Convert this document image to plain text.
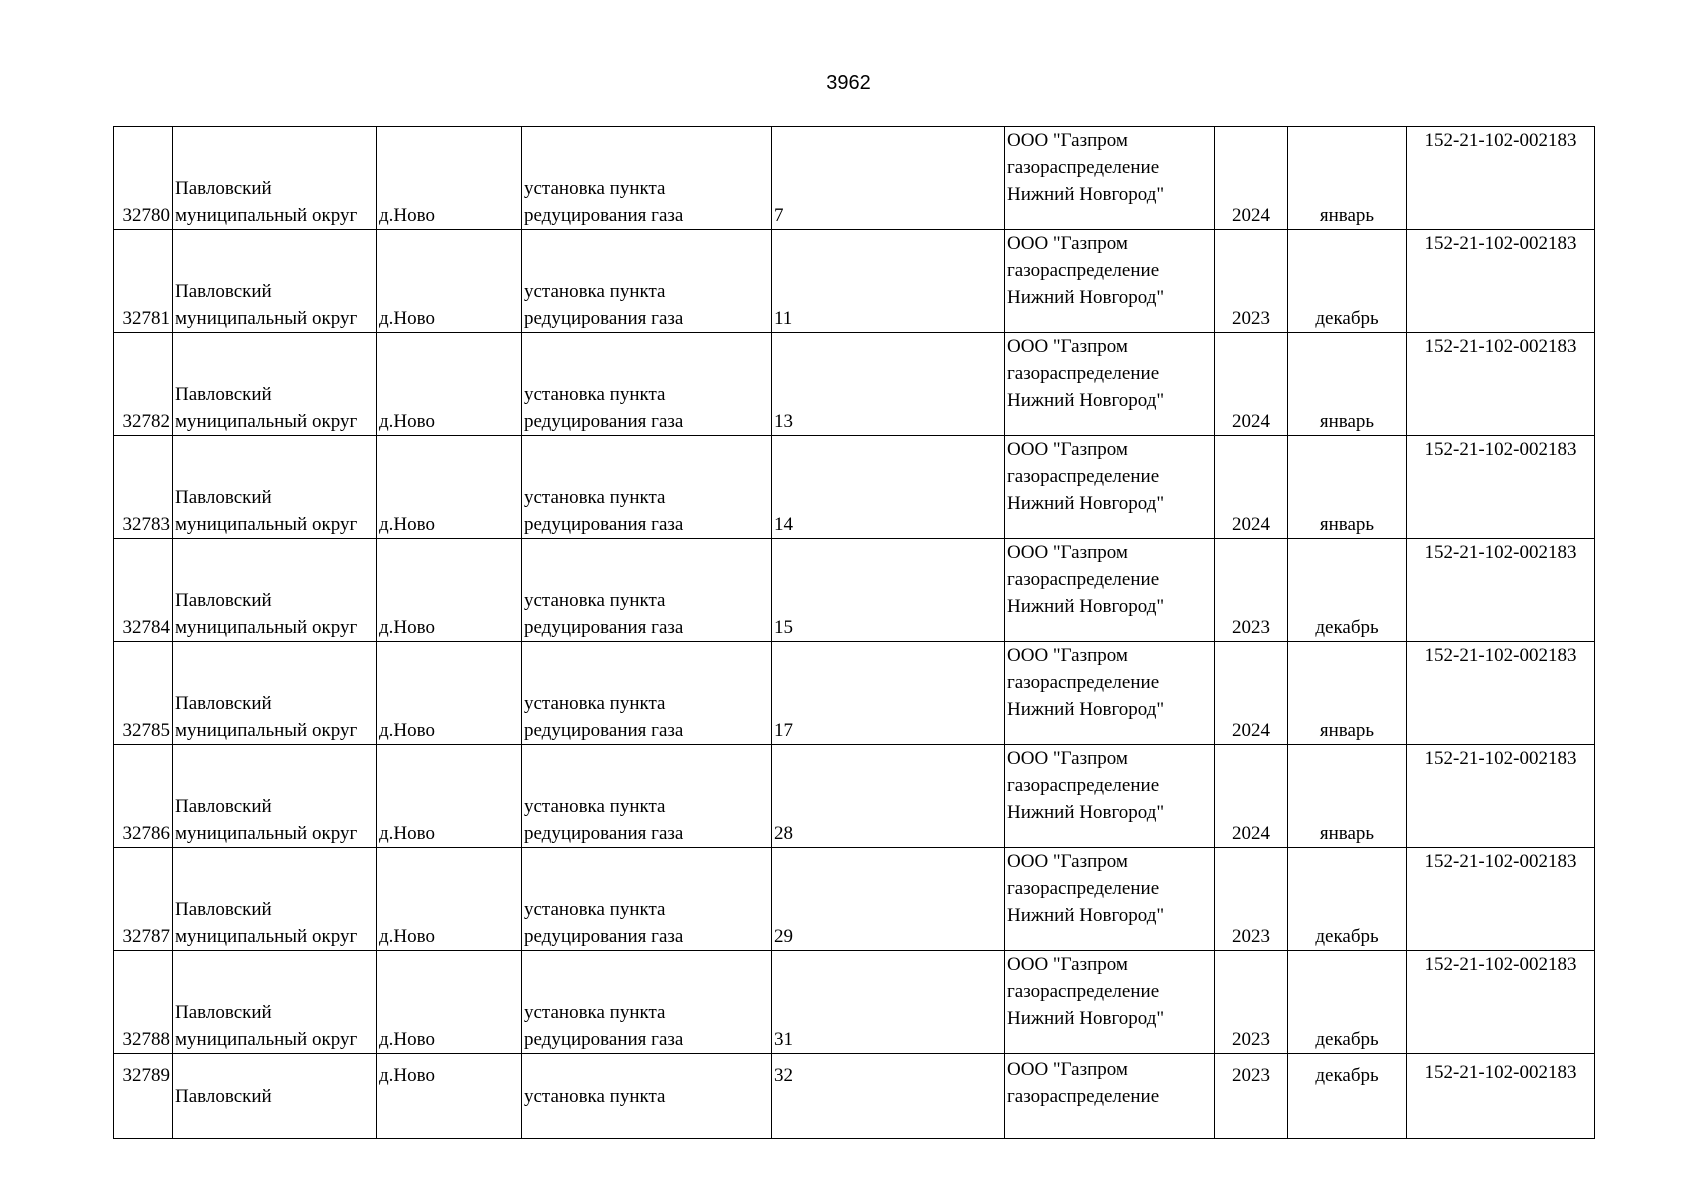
3962
32780	Павловский
муниципальный округ	д.Ново	установка пункта
редуцирования газа	7	ООО "Газпром
газораспределение
Нижний Новгород"	2024	январь	152-21-102-002183

32781	Павловский
муниципальный округ	д.Ново	установка пункта
редуцирования газа	11	ООО "Газпром
газораспределение
Нижний Новгород"	2023	декабрь	152-21-102-002183

32782	Павловский
муниципальный округ	д.Ново	установка пункта
редуцирования газа	13	ООО "Газпром
газораспределение
Нижний Новгород"	2024	январь	152-21-102-002183

32783	Павловский
муниципальный округ	д.Ново	установка пункта
редуцирования газа	14	ООО "Газпром
газораспределение
Нижний Новгород"	2024	январь	152-21-102-002183

32784	Павловский
муниципальный округ	д.Ново	установка пункта
редуцирования газа	15	ООО "Газпром
газораспределение
Нижний Новгород"	2023	декабрь	152-21-102-002183

32785	Павловский
муниципальный округ	д.Ново	установка пункта
редуцирования газа	17	ООО "Газпром
газораспределение
Нижний Новгород"	2024	январь	152-21-102-002183

32786	Павловский
муниципальный округ	д.Ново	установка пункта
редуцирования газа	28	ООО "Газпром
газораспределение
Нижний Новгород"	2024	январь	152-21-102-002183

32787	Павловский
муниципальный округ	д.Ново	установка пункта
редуцирования газа	29	ООО "Газпром
газораспределение
Нижний Новгород"	2023	декабрь	152-21-102-002183

32788	Павловский
муниципальный округ	д.Ново	установка пункта
редуцирования газа	31	ООО "Газпром
газораспределение
Нижний Новгород"	2023	декабрь	152-21-102-002183

32789	Павловский	д.Ново	установка пункта	32	ООО "Газпром
газораспределение	2023	декабрь	152-21-102-002183
